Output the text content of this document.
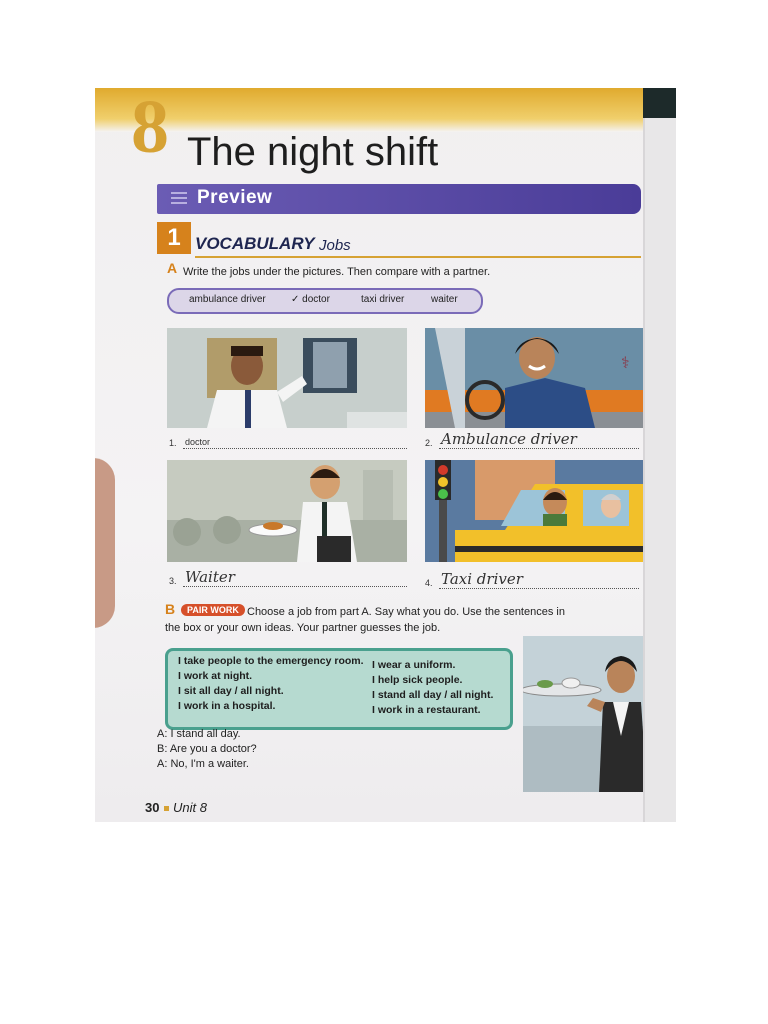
8 The night shift
Preview
1 VOCABULARY Jobs
A Write the jobs under the pictures. Then compare with a partner.
ambulance driver	✓ doctor	taxi driver	waiter
1. doctor
⚕
2. Ambulance driver
3. Waiter	4. Taxi driver
B	PAIR WORK Choose a job from part A. Say what you do. Use the sentences in
the box or your own ideas. Your partner guesses the job.
I take people to the emergency room.
I work at night.
I sit all day / all night.
I work in a hospital.
I wear a uniform.
I help sick people.
I stand all day / all night.
I work in a restaurant.
A: I stand all day.
B: Are you a doctor?
A: No, I'm a waiter.
30 Unit 8
